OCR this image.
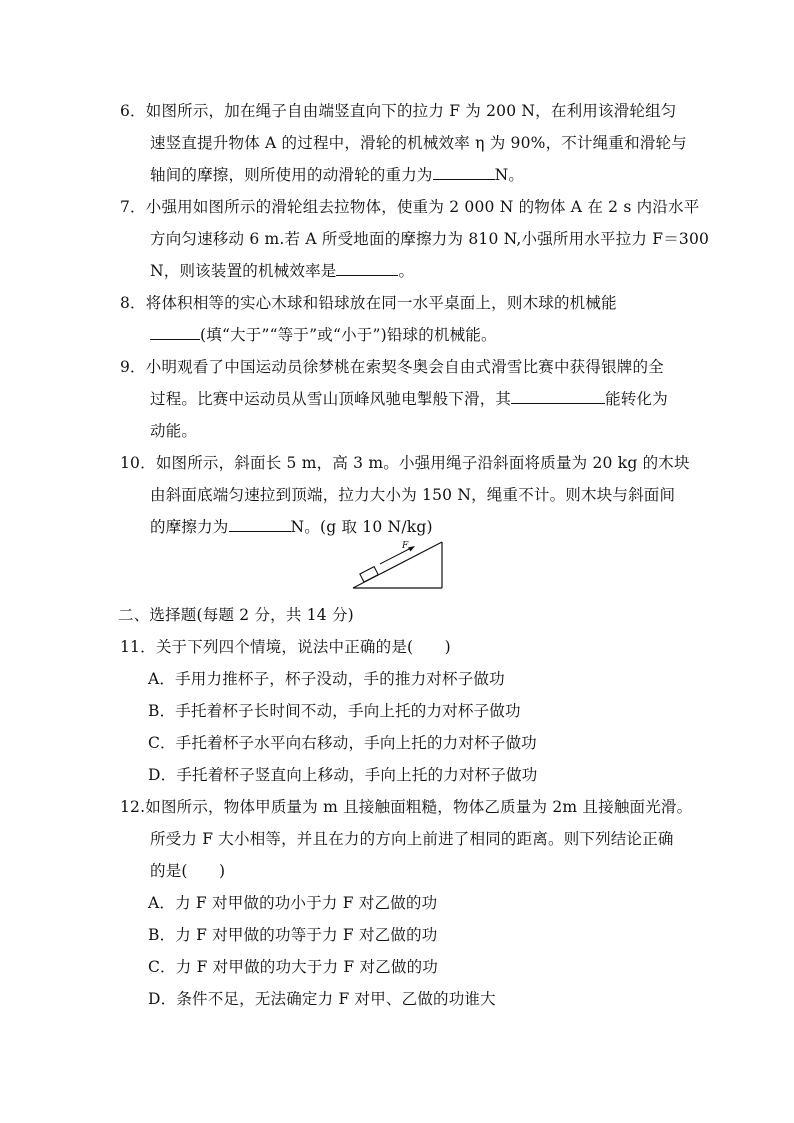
6．如图所示，加在绳子自由端竖直向下的拉力 F 为 200 N，在利用该滑轮组匀
速竖直提升物体 A 的过程中，滑轮的机械效率 η 为 90%，不计绳重和滑轮与
轴间的摩擦，则所使用的动滑轮的重力为	N。
7．小强用如图所示的滑轮组去拉物体，使重为 2 000 N 的物体 A 在 2 s 内沿水平
方向匀速移动 6 m.若 A 所受地面的摩擦力为 810 N,小强所用水平拉力 F＝300
N，则该装置的机械效率是	。
8．将体积相等的实心木球和铅球放在同一水平桌面上，则木球的机械能
(填“大于”“等于”或“小于”)铅球的机械能。
9．小明观看了中国运动员徐梦桃在索契冬奥会自由式滑雪比赛中获得银牌的全
过程。比赛中运动员从雪山顶峰风驰电掣般下滑，其	能转化为
动能。
10．如图所示，斜面长 5 m，高 3 m。小强用绳子沿斜面将质量为 20 kg 的木块
由斜面底端匀速拉到顶端，拉力大小为 150 N，绳重不计。则木块与斜面间
的摩擦力为	N。(g 取 10 N/kg)
F
二、选择题(每题 2 分，共 14 分)
11．关于下列四个情境，说法中正确的是(　　)
A．手用力推杯子，杯子没动，手的推力对杯子做功
B．手托着杯子长时间不动，手向上托的力对杯子做功
C．手托着杯子水平向右移动，手向上托的力对杯子做功
D．手托着杯子竖直向上移动，手向上托的力对杯子做功
12.如图所示，物体甲质量为 m 且接触面粗糙，物体乙质量为 2m 且接触面光滑。
所受力 F 大小相等，并且在力的方向上前进了相同的距离。则下列结论正确
的是(　　)
A．力 F 对甲做的功小于力 F 对乙做的功
B．力 F 对甲做的功等于力 F 对乙做的功
C．力 F 对甲做的功大于力 F 对乙做的功
D．条件不足，无法确定力 F 对甲、乙做的功谁大
